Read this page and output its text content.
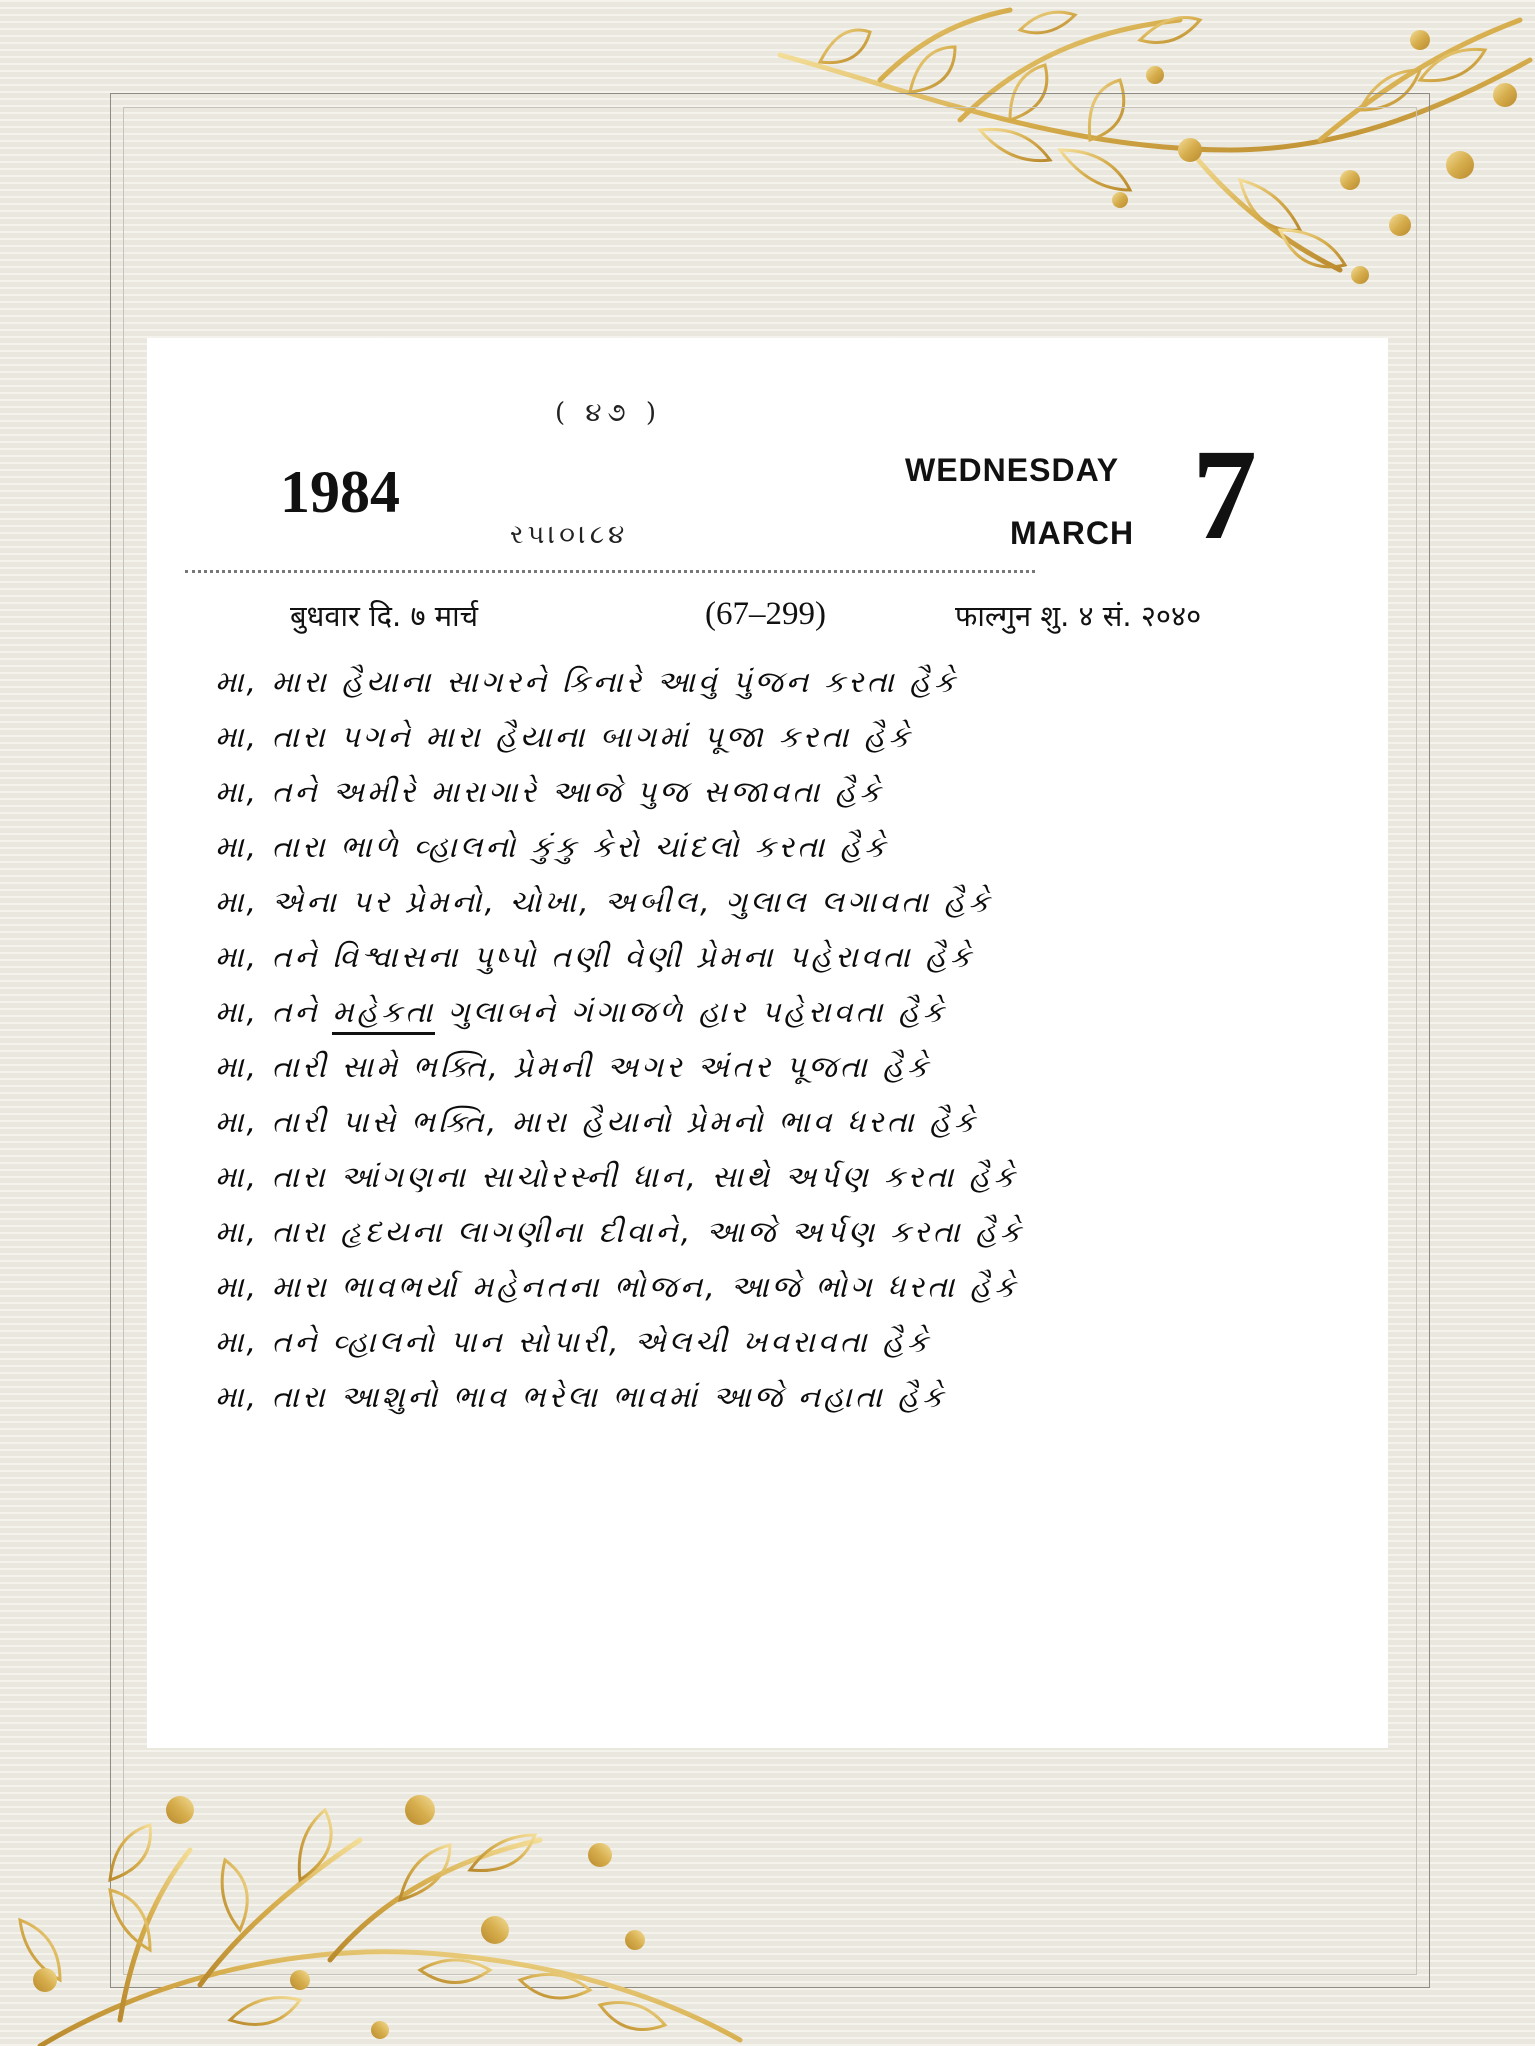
( ૪૭ )
1984
રપ।૦।૮૪
WEDNESDAY
MARCH 7
बुधवार दि. ७ मार्च	(67–299)	फाल्गुन शु. ४ सं. २०४०
મા, મારા હૈયાના સાગરને કિનારે આવું પુંજન કરતા હૈકે
મા, તારા પગને મારા હૈયાના બાગમાં પૂજા કરતા હૈકે
મા, તને અમીરે મારાગારે આજે પુજ સજાવતા હૈકે
મા, તારા ભાળે વ્હાલનો કુંકુ કેરો ચાંદલો કરતા હૈકે
મા, એના પર પ્રેમનો, ચોખા, અબીલ, ગુલાલ લગાવતા હૈકે
મા, તને વિશ્વાસના પુષ્પો તણી વેણી પ્રેમના પહેરાવતા હૈકે
મા, તને મહેકતા ગુલાબને ગંગાજળે હાર પહેરાવતા હૈકે
મા, તારી સામે ભક્તિ, પ્રેમની અગર અંતર પૂજતા હૈકે
મા, તારી પાસે ભક્તિ, મારા હૈયાનો પ્રેમનો ભાવ ધરતા હૈકે
મા, તારા આંગણના સાચોરસ્ની ધાન, સાથે અર્પણ કરતા હૈકે
મા, તારા હૃદયના લાગણીના દીવાને, આજે અર્પણ કરતા હૈકે
મા, મારા ભાવભર્યા મહેનતના ભોજન, આજે ભોગ ધરતા હૈકે
મા, તને વ્હાલનો પાન સોપારી, એલચી ખવરાવતા હૈકે
મા, તારા આશુનો ભાવ ભરેલા ભાવમાં આજે નહાતા હૈકે
